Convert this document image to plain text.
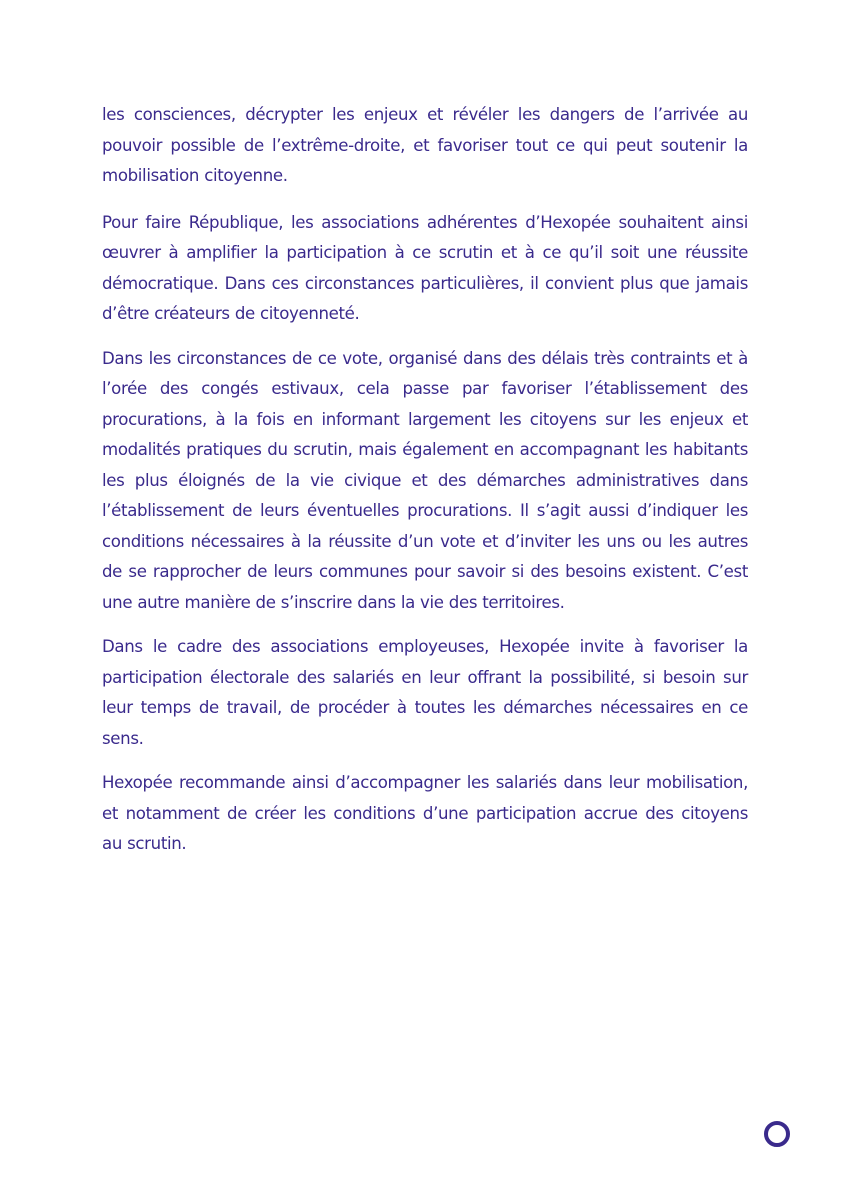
les consciences, décrypter les enjeux et révéler les dangers de l’arrivée au pouvoir possible de l’extrême-droite, et favoriser tout ce qui peut soutenir la mobilisation citoyenne.

Pour faire République, les associations adhérentes d’Hexopée souhaitent ainsi œuvrer à amplifier la participation à ce scrutin et à ce qu’il soit une réussite démocratique. Dans ces circonstances particulières, il convient plus que jamais d’être créateurs de citoyenneté.

Dans les circonstances de ce vote, organisé dans des délais très contraints et à l’orée des congés estivaux, cela passe par favoriser l’établissement des procurations, à la fois en informant largement les citoyens sur les enjeux et modalités pratiques du scrutin, mais également en accompagnant les habitants les plus éloignés de la vie civique et des démarches administratives dans l’établissement de leurs éventuelles procurations. Il s’agit aussi d’indiquer les conditions nécessaires à la réussite d’un vote et d’inviter les uns ou les autres de se rapprocher de leurs communes pour savoir si des besoins existent. C’est une autre manière de s’inscrire dans la vie des territoires.

Dans le cadre des associations employeuses, Hexopée invite à favoriser la participation électorale des salariés en leur offrant la possibilité, si besoin sur leur temps de travail, de procéder à toutes les démarches nécessaires en ce sens.

Hexopée recommande ainsi d’accompagner les salariés dans leur mobilisation, et notamment de créer les conditions d’une participation accrue des citoyens au scrutin.
